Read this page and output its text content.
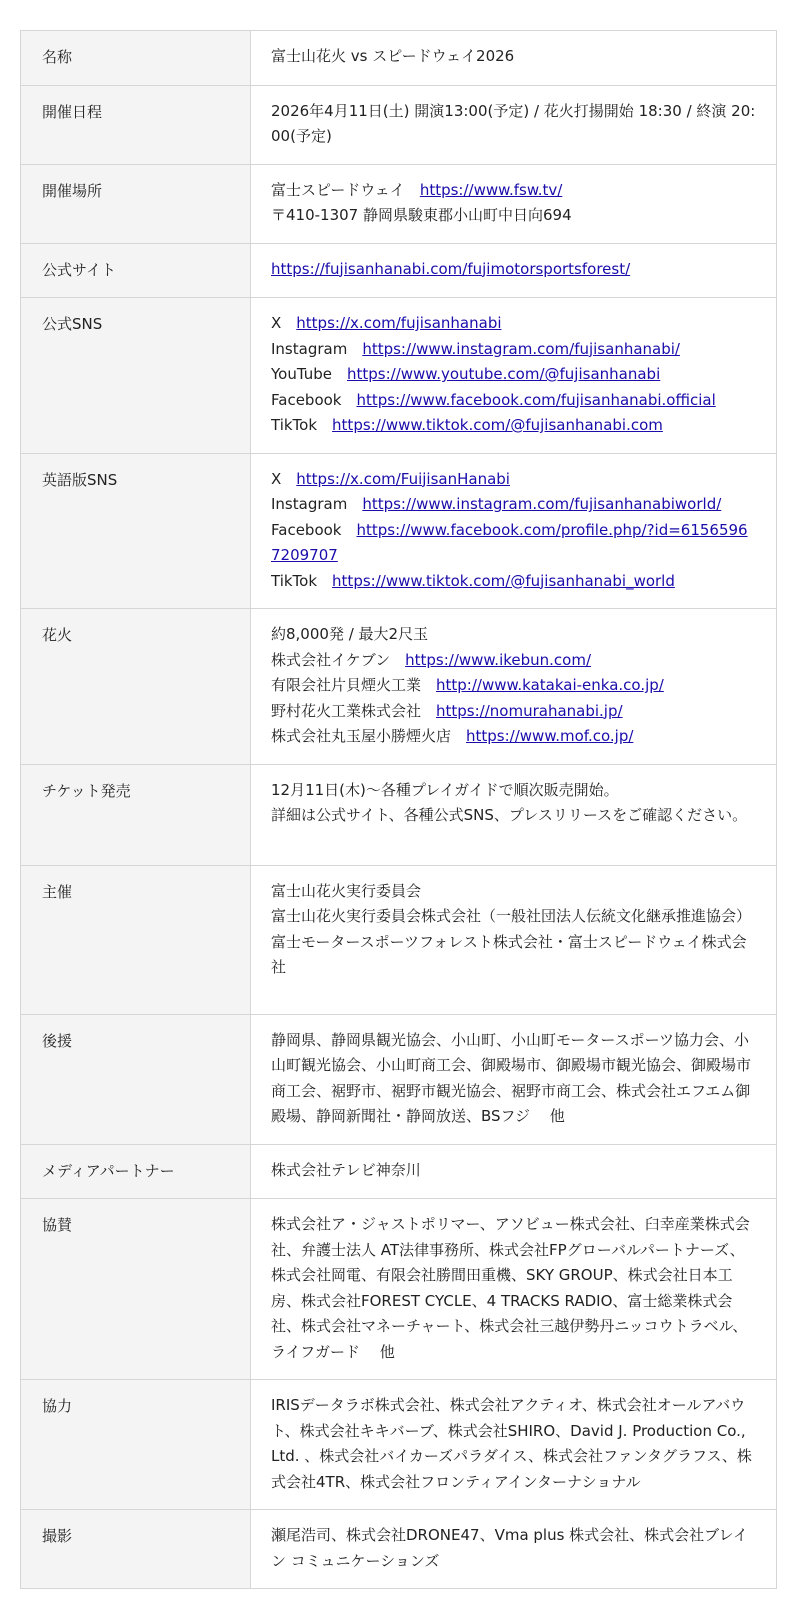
名称	富士山花火 vs スピードウェイ2026

開催日程	2026年4月11日(土) 開演13:00(予定) / 花火打揚開始 18:30 / 終演 20:00(予定)

開催場所	富士スピードウェイ https://www.fsw.tv/
〒410-1307 静岡県駿東郡小山町中日向694

公式サイト	https://fujisanhanabi.com/fujimotorsportsforest/

公式SNS	X https://x.com/fujisanhanabi
Instagram https://www.instagram.com/fujisanhanabi/
YouTube https://www.youtube.com/@fujisanhanabi
Facebook https://www.facebook.com/fujisanhanabi.official
TikTok https://www.tiktok.com/@fujisanhanabi.com

英語版SNS	X https://x.com/FuijisanHanabi
Instagram https://www.instagram.com/fujisanhanabiworld/
Facebook https://www.facebook.com/profile.php/?id=61565967209707
TikTok https://www.tiktok.com/@fujisanhanabi_world

花火	約8,000発 / 最大2尺玉
株式会社イケブン https://www.ikebun.com/
有限会社片貝煙火工業 http://www.katakai-enka.co.jp/
野村花火工業株式会社 https://nomurahanabi.jp/
株式会社丸玉屋小勝煙火店 https://www.mof.co.jp/

チケット発売	12月11日(木)～各種プレイガイドで順次販売開始。
詳細は公式サイト、各種公式SNS、プレスリリースをご確認ください。

主催	富士山花火実行委員会
富士山花火実行委員会株式会社（一般社団法人伝統文化継承推進協会）
富士モータースポーツフォレスト株式会社・富士スピードウェイ株式会社

後援	静岡県、静岡県観光協会、小山町、小山町モータースポーツ協力会、小山町観光協会、小山町商工会、御殿場市、御殿場市観光協会、御殿場市商工会、裾野市、裾野市観光協会、裾野市商工会、株式会社エフエム御殿場、静岡新聞社・静岡放送、BSフジ　 他

メディアパートナー	株式会社テレビ神奈川

協賛	株式会社ア・ジャストポリマー、アソビュー株式会社、臼幸産業株式会社、弁護士法人 AT法律事務所、株式会社FPグローバルパートナーズ、株式会社岡電、有限会社勝間田重機、SKY GROUP、株式会社日本工房、株式会社FOREST CYCLE、4 TRACKS RADIO、富士総業株式会社、株式会社マネーチャート、株式会社三越伊勢丹ニッコウトラベル、ライフガード　 他

協力	IRISデータラボ株式会社、株式会社アクティオ、株式会社オールアバウト、株式会社キキバーブ、株式会社SHIRO、David J. Production Co., Ltd. 、株式会社バイカーズパラダイス、株式会社ファンタグラフス、株式会社4TR、株式会社フロンティアインターナショナル

撮影	瀬尾浩司、株式会社DRONE47、Vma plus 株式会社、株式会社ブレイン コミュニケーションズ
